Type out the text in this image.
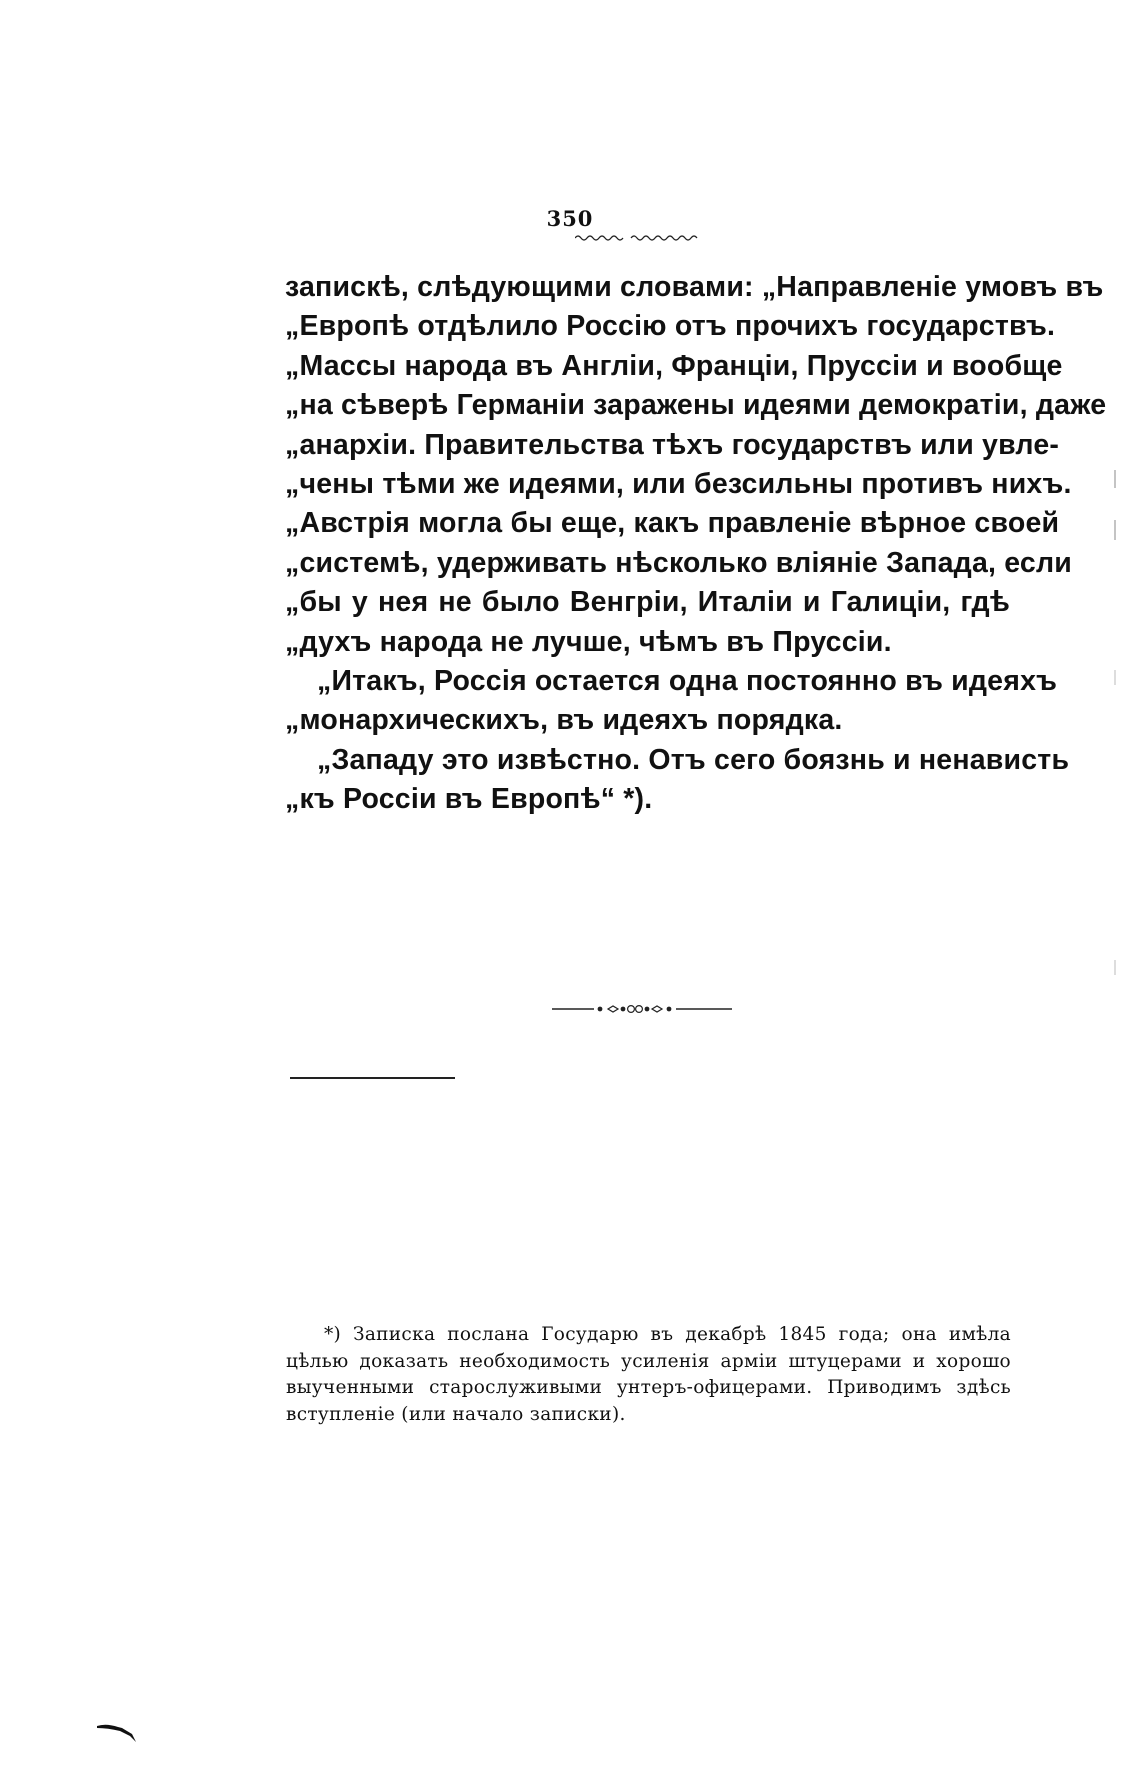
350
запискѣ, слѣдующими словами: „Направленіе умовъ въ
„Европѣ отдѣлило Россію отъ прочихъ государствъ.
„Массы народа въ Англіи, Франціи, Пруссіи и вообще
„на сѣверѣ Германіи заражены идеями демократіи, даже
„анархіи. Правительства тѣхъ государствъ или увле-
„чены тѣми же идеями, или безсильны противъ нихъ.
„Австрія могла бы еще, какъ правленіе вѣрное своей
„системѣ, удерживать нѣсколько вліяніе Запада, если
„бы у нея не было Венгріи, Италіи и Галиціи, гдѣ
„духъ народа не лучше, чѣмъ въ Пруссіи.
„Итакъ, Россія остается одна постоянно въ идеяхъ
„монархическихъ, въ идеяхъ порядка.
„Западу это извѣстно. Отъ сего боязнь и ненависть
„къ Россіи въ Европѣ“ *).
*) Записка послана Государю въ декабрѣ 1845 года; она имѣла
цѣлью доказать необходимость усиленія арміи штуцерами и хорошо
выученными старослуживыми унтеръ-офицерами. Приводимъ здѣсь
вступленіе (или начало записки).
